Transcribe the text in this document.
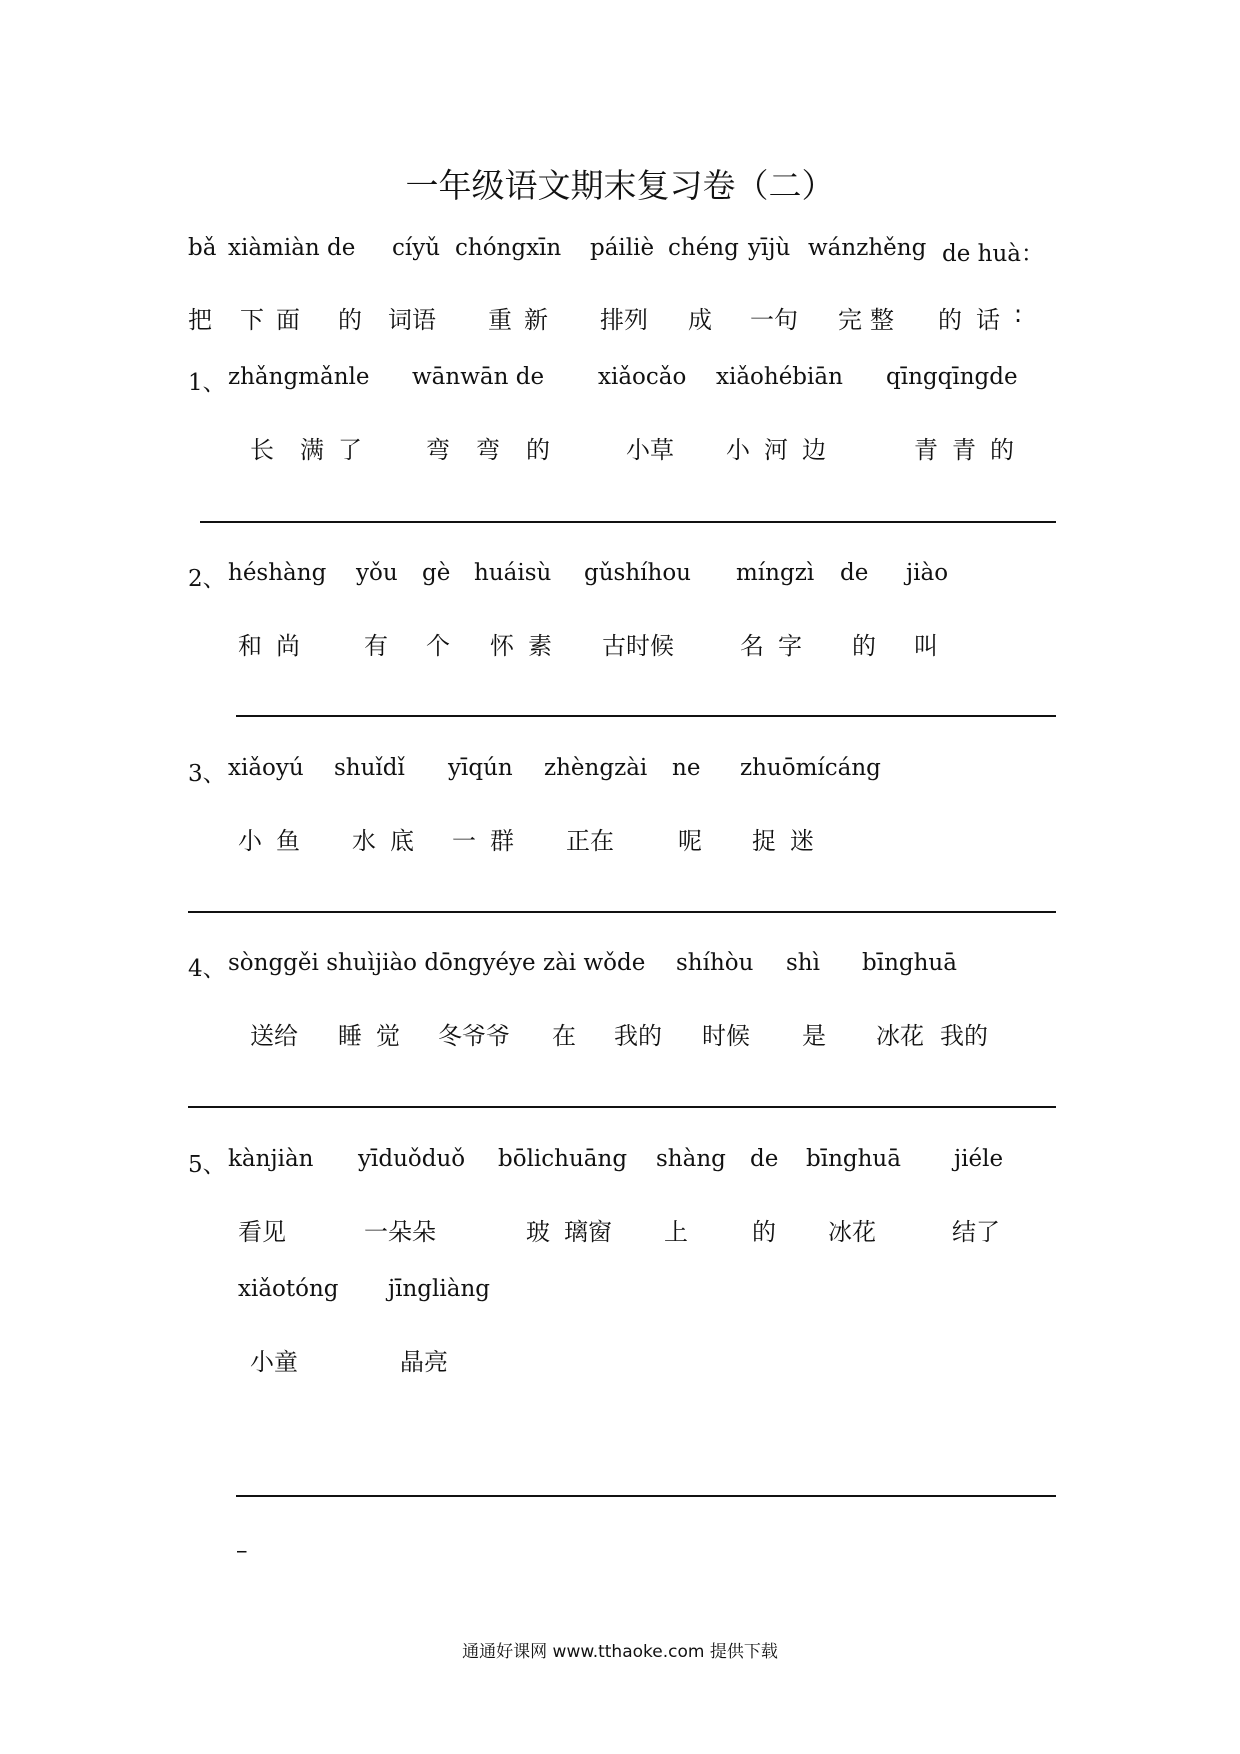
一年级语文期末复习卷（二）
bǎ xiàmiàn de cíyǔ chóngxīn páiliè chéng yījù wánzhěng de huà：
把 下 面 的 词语 重 新 排列 成 一句 完 整 的 话 :
1、 zhǎngmǎnle wānwān de xiǎocǎo xiǎohébiān qīngqīngde
长 满 了	弯 弯 的	小草 小 河 边	青 青 的
2、 héshàng yǒu gè huáisù gǔshíhou míngzì de jiào
和 尚	有 个 怀 素 古时候	名 字 的 叫
3、 xiǎoyú shuǐdǐ yīqún zhèngzài ne zhuōmícáng
小 鱼 水 底 一 群 正在	呢 捉 迷
4、 sònggěi shuìjiào dōngyéye zài wǒde shíhòu shì bīnghuā
送给 睡 觉 冬爷爷 在 我的 时候 是 冰花 我的
5、 kànjiàn yīduǒduǒ bōlichuāng shàng de bīnghuā jiéle
看见	一朵朵	玻 璃窗 上	的 冰花	结了
xiǎotóng jīngliàng
小童	晶亮
–
通通好课网 www.tthaoke.com 提供下载
